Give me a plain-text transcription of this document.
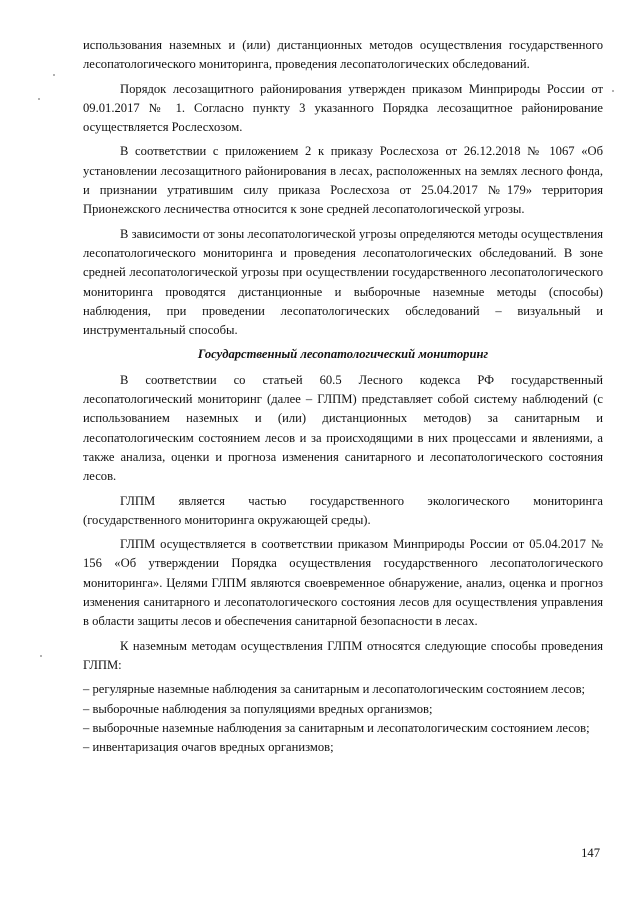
использования наземных и (или) дистанционных методов осуществления государственного лесопатологического мониторинга, проведения лесопатологических обследований.

Порядок лесозащитного районирования утвержден приказом Минприроды России от 09.01.2017 № 1. Согласно пункту 3 указанного Порядка лесозащитное районирование осуществляется Рослесхозом.

В соответствии с приложением 2 к приказу Рослесхоза от 26.12.2018 № 1067 «Об установлении лесозащитного районирования в лесах, расположенных на землях лесного фонда, и признании утратившим силу приказа Рослесхоза от 25.04.2017 №179» территория Прионежского лесничества относится к зоне средней лесопатологической угрозы.

В зависимости от зоны лесопатологической угрозы определяются методы осуществления лесопатологического мониторинга и проведения лесопатологических обследований. В зоне средней лесопатологической угрозы при осуществлении государственного лесопатологического мониторинга проводятся дистанционные и выборочные наземные методы (способы) наблюдения, при проведении лесопатологических обследований – визуальный и инструментальный способы.

Государственный лесопатологический мониторинг

В соответствии со статьей 60.5 Лесного кодекса РФ государственный лесопатологический мониторинг (далее – ГЛПМ) представляет собой систему наблюдений (с использованием наземных и (или) дистанционных методов) за санитарным и лесопатологическим состоянием лесов и за происходящими в них процессами и явлениями, а также анализа, оценки и прогноза изменения санитарного и лесопатологического состояния лесов.

ГЛПМ является частью государственного экологического мониторинга (государственного мониторинга окружающей среды).

ГЛПМ осуществляется в соответствии приказом Минприроды России от 05.04.2017 № 156 «Об утверждении Порядка осуществления государственного лесопатологического мониторинга». Целями ГЛПМ являются своевременное обнаружение, анализ, оценка и прогноз изменения санитарного и лесопатологического состояния лесов для осуществления управления в области защиты лесов и обеспечения санитарной безопасности в лесах.

К наземным методам осуществления ГЛПМ относятся следующие способы проведения ГЛПМ:

– регулярные наземные наблюдения за санитарным и лесопатологическим состоянием лесов;
– выборочные наблюдения за популяциями вредных организмов;
– выборочные наземные наблюдения за санитарным и лесопатологическим состоянием лесов;
– инвентаризация очагов вредных организмов;
147
